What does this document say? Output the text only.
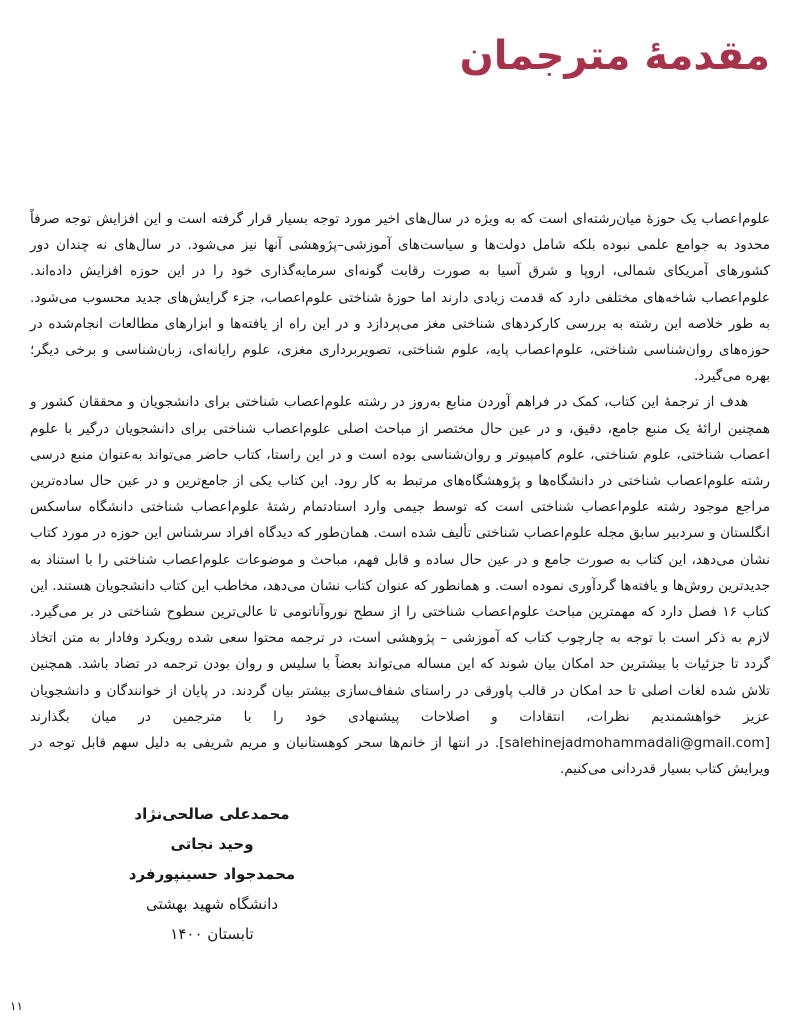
مقدمۀ مترجمان

علوم‌اعصاب یک حوزۀ میان‌رشته‌ای است که به ویژه در سال‌های اخیر مورد توجه بسیار قرار گرفته است و این افزایش توجه صرفاً محدود به جوامع علمی نبوده بلکه شامل دولت‌ها و سیاست‌های آموزشی–پژوهشی آنها نیز می‌شود. در سال‌های نه چندان دور کشورهای آمریکای شمالی، اروپا و شرق آسیا به صورت رقابت گونه‌ای سرمایه‌گذاری خود را در این حوزه افزایش داده‌اند. علوم‌اعصاب شاخه‌های مختلفی دارد که قدمت زیادی دارند اما حوزۀ شناختی علوم‌اعصاب، جزء گرایش‌های جدید محسوب می‌شود. به طور خلاصه این رشته به بررسی کارکردهای شناختی مغز می‌پردازد و در این راه از یافته‌ها و ابزارهای مطالعات انجام‌شده در حوزه‌های روان‌شناسی شناختی، علوم‌اعصاب پایه، علوم شناختی، تصویربرداری مغزی، علوم رایانه‌ای، زبان‌شناسی و برخی دیگر؛ بهره می‌گیرد.

هدف از ترجمۀ این کتاب، کمک در فراهم آوردن منابع به‌روز در رشته علوم‌اعصاب شناختی برای دانشجویان و محققان کشور و همچنین ارائۀ یک منبع جامع، دقیق، و در عین حال مختصر از مباحث اصلی علوم‌اعصاب شناختی برای دانشجویان درگیر با علوم اعصاب شناختی، علوم شناختی، علوم کامپیوتر و روان‌شناسی بوده است و در این راستا، کتاب حاضر می‌تواند به‌عنوان منبع درسی رشته علوم‌اعصاب شناختی در دانشگاه‌ها و پژوهشگاه‌های مرتبط به کار رود. این کتاب یکی از جامع‌ترین و در عین حال ساده‌ترین مراجع موجود رشته علوم‌اعصاب شناختی است که توسط جیمی وارد استادتمام رشتۀ علوم‌اعصاب شناختی دانشگاه ساسکس انگلستان و سردبیر سابق مجله علوم‌اعصاب شناختی تألیف شده است. همان‌طور که دیدگاه افراد سرشناس این حوزه در مورد کتاب نشان می‌دهد، این کتاب به صورت جامع و در عین حال ساده و قابل فهم، مباحث و موضوعات علوم‌اعصاب شناختی را با استناد به جدیدترین روش‌ها و یافته‌ها گردآوری نموده است. و همانطور که عنوان کتاب نشان می‌دهد، مخاطب این کتاب دانشجویان هستند. این کتاب ۱۶ فصل دارد که مهمترین مباحث علوم‌اعصاب شناختی را از سطح نوروآناتومی تا عالی‌ترین سطوح شناختی در بر می‌گیرد. لازم به ذکر است با توجه به چارچوب کتاب که آموزشی – پژوهشی است، در ترجمه محتوا سعی شده رویکرد وفادار به متن اتخاذ گردد تا جزئیات با بیشترین حد امکان بیان شوند که این مساله می‌تواند بعضاً با سلیس و روان بودن ترجمه در تضاد باشد. همچنین تلاش شده لغات اصلی تا حد امکان در قالب پاورقی در راستای شفاف‌سازی بیشتر بیان گردند. در پایان از خوانندگان و دانشجویان عزیز خواهشمندیم نظرات، انتقادات و اصلاحات پیشنهادی خود را با مترجمین در میان بگذارند [salehinejadmohammadali@gmail.com]. در انتها از خانم‌ها سحر کوهستانیان و مریم شریفی به دلیل سهم قابل توجه در ویرایش کتاب بسیار قدردانی می‌کنیم.

محمدعلی صالحی‌نژاد
وحید نجاتی
محمدجواد حسینپورفرد
دانشگاه شهید بهشتی
تابستان ۱۴۰۰
۱۱
